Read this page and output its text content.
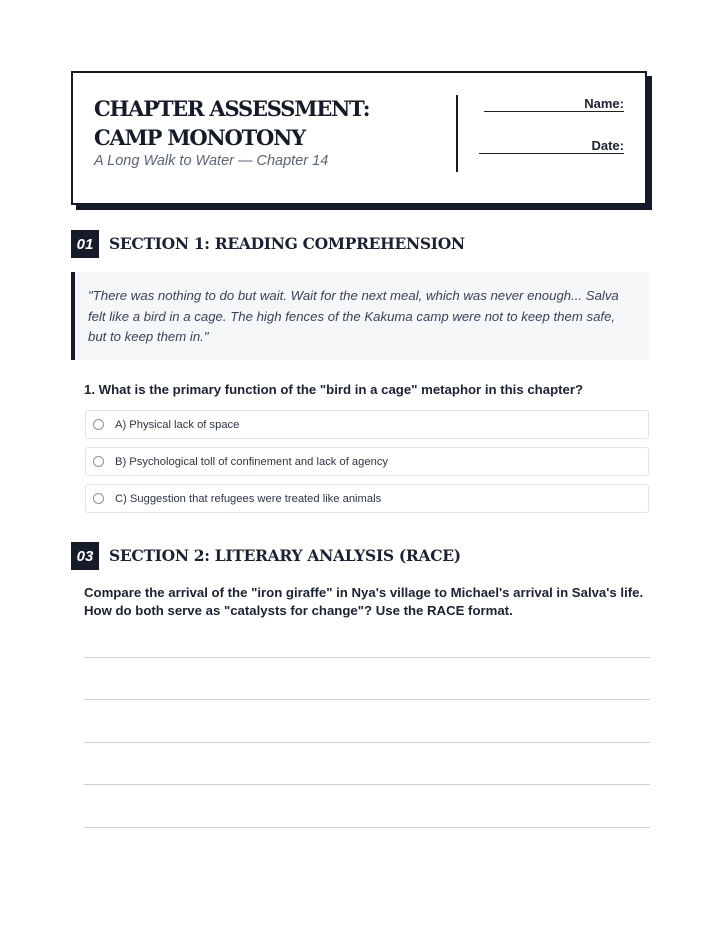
CHAPTER ASSESSMENT: CAMP MONOTONY
A Long Walk to Water — Chapter 14
Name:
Date:
01	SECTION 1: READING COMPREHENSION
"There was nothing to do but wait. Wait for the next meal, which was never enough... Salva felt like a bird in a cage. The high fences of the Kakuma camp were not to keep them safe, but to keep them in."
1. What is the primary function of the "bird in a cage" metaphor in this chapter?
A) Physical lack of space
B) Psychological toll of confinement and lack of agency
C) Suggestion that refugees were treated like animals
03	SECTION 2: LITERARY ANALYSIS (RACE)
Compare the arrival of the "iron giraffe" in Nya's village to Michael's arrival in Salva's life. How do both serve as "catalysts for change"? Use the RACE format.
